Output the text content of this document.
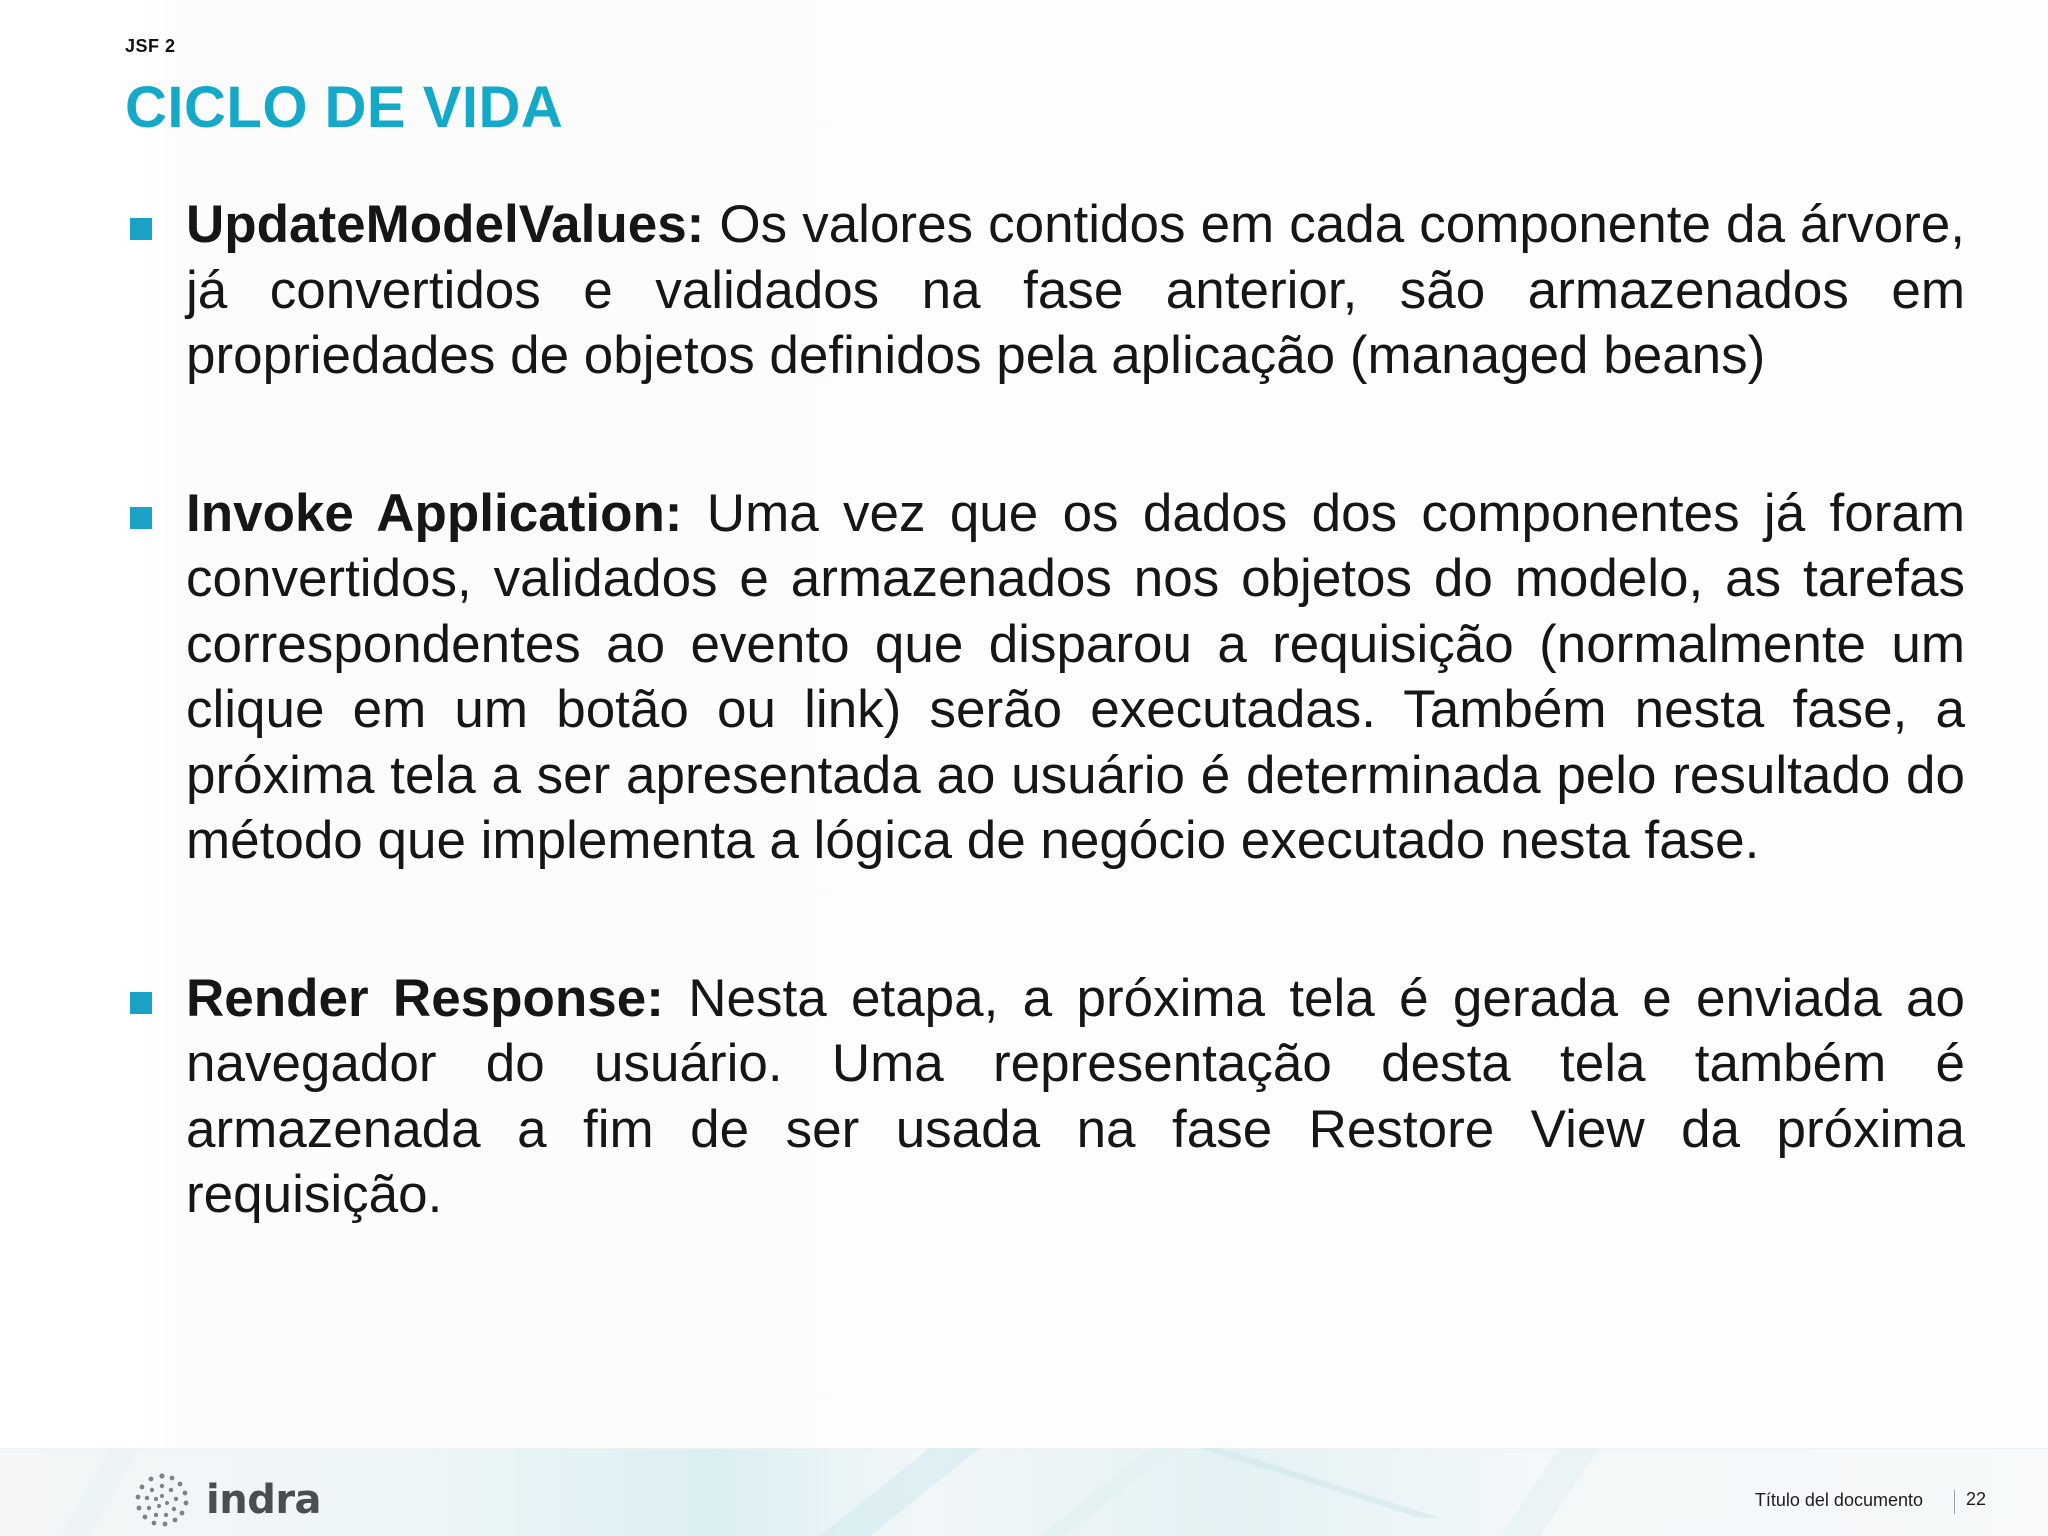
JSF 2
CICLO DE VIDA

UpdateModelValues: Os valores contidos em cada componente da árvore, já convertidos e validados na fase anterior, são armazenados em propriedades de objetos definidos pela aplicação (managed beans)

Invoke Application: Uma vez que os dados dos componentes já foram convertidos, validados e armazenados nos objetos do modelo, as tarefas correspondentes ao evento que disparou a requisição (normalmente um clique em um botão ou link) serão executadas. Também nesta fase, a próxima tela a ser apresentada ao usuário é determinada pelo resultado do método que implementa a lógica de negócio executado nesta fase.

Render Response: Nesta etapa, a próxima tela é gerada e enviada ao navegador do usuário. Uma representação desta tela também é armazenada a fim de ser usada na fase Restore View da próxima requisição.

indra	Título del documento 22
